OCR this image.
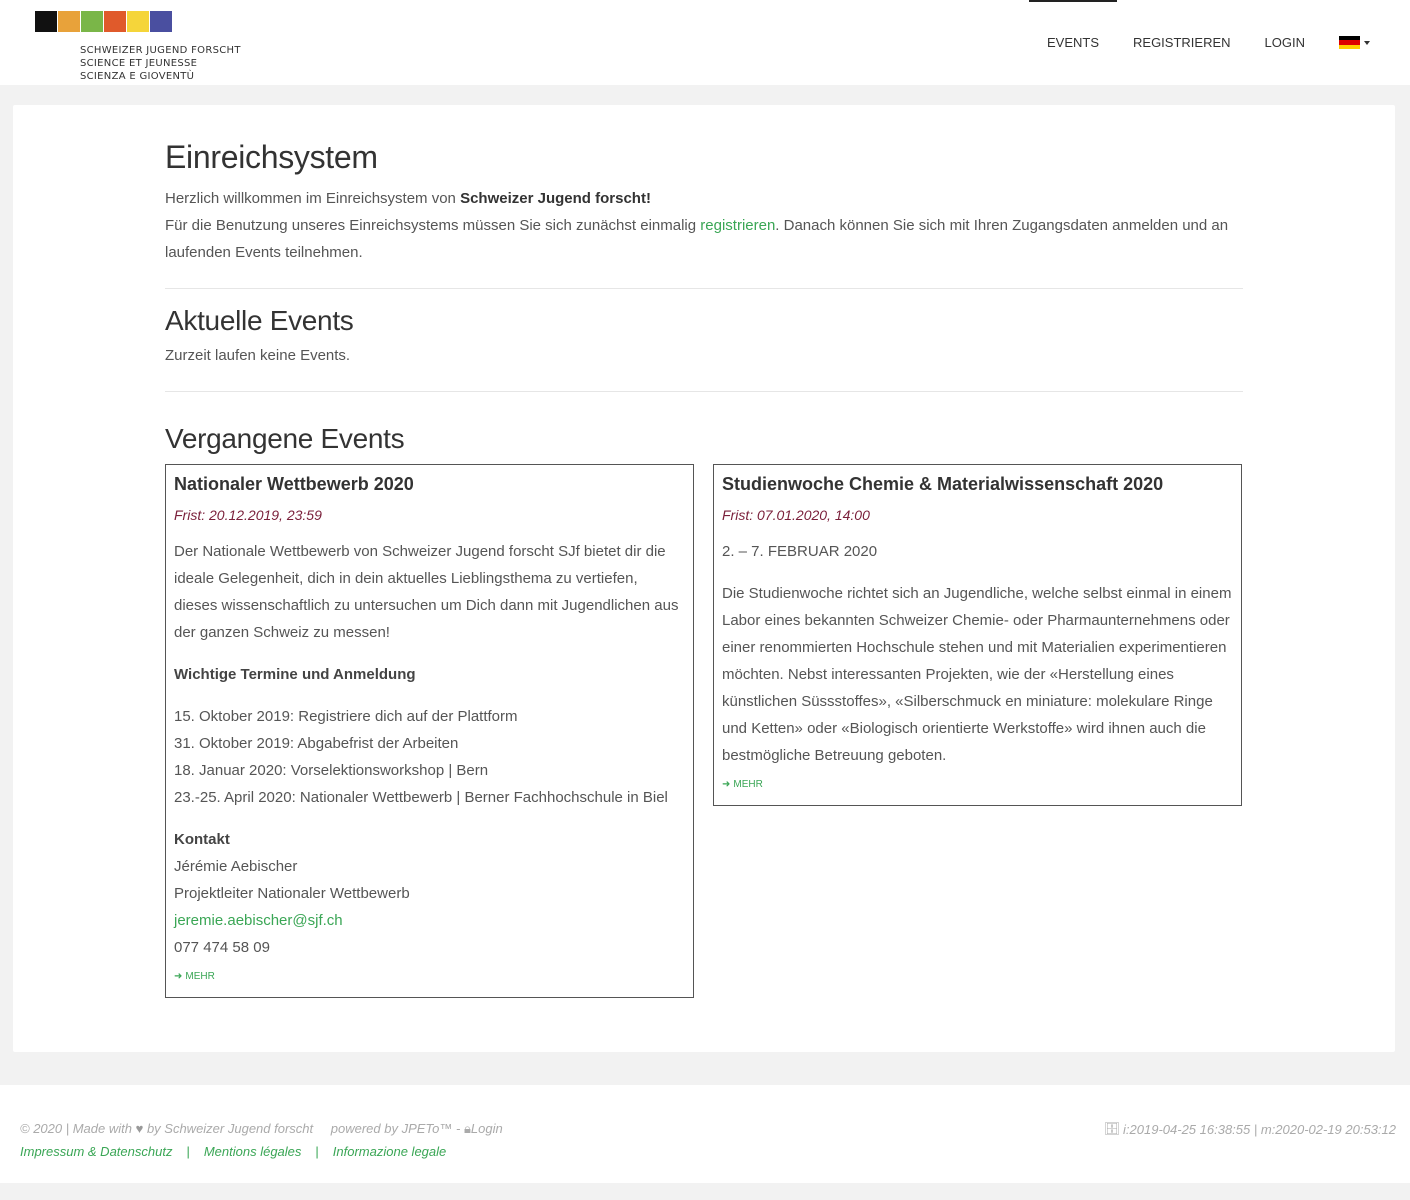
SCHWEIZER JUGEND FORSCHT
SCIENCE ET JEUNESSE
SCIENZA E GIOVENTÙ
EVENTS	REGISTRIEREN	LOGIN
Einreichsystem
Herzlich willkommen im Einreichsystem von Schweizer Jugend forscht!
Für die Benutzung unseres Einreichsystems müssen Sie sich zunächst einmalig registrieren. Danach können Sie sich mit Ihren Zugangsdaten anmelden und an laufenden Events teilnehmen.
Aktuelle Events
Zurzeit laufen keine Events.
Vergangene Events
Nationaler Wettbewerb 2020
Frist: 20.12.2019, 23:59

Der Nationale Wettbewerb von Schweizer Jugend forscht SJf bietet dir die ideale Gelegenheit, dich in dein aktuelles Lieblingsthema zu vertiefen, dieses wissenschaftlich zu untersuchen um Dich dann mit Jugendlichen aus der ganzen Schweiz zu messen!

Wichtige Termine und Anmeldung

15. Oktober 2019: Registriere dich auf der Plattform
31. Oktober 2019: Abgabefrist der Arbeiten
18. Januar 2020: Vorselektionsworkshop | Bern
23.-25. April 2020: Nationaler Wettbewerb | Berner Fachhochschule in Biel

Kontakt
Jérémie Aebischer
Projektleiter Nationaler Wettbewerb
jeremie.aebischer@sjf.ch
077 474 58 09

➜ MEHR
Studienwoche Chemie & Materialwissenschaft 2020
Frist: 07.01.2020, 14:00

2. – 7. FEBRUAR 2020

Die Studienwoche richtet sich an Jugendliche, welche selbst einmal in einem Labor eines bekannten Schweizer Chemie- oder Pharmaunternehmens oder einer renommierten Hochschule stehen und mit Materialien experimentieren möchten. Nebst interessanten Projekten, wie der «Herstellung eines künstlichen Süssstoffes», «Silberschmuck en miniature: molekulare Ringe und Ketten» oder «Biologisch orientierte Werkstoffe» wird ihnen auch die bestmögliche Betreuung geboten.

➜ MEHR
© 2020 | Made with ♥ by Schweizer Jugend forscht powered by JPETo™ - 🔒︎Login
Impressum & Datenschutz | Mentions légales | Informazione legale
🗄︎ i:2019-04-25 16:38:55 | m:2020-02-19 20:53:12
